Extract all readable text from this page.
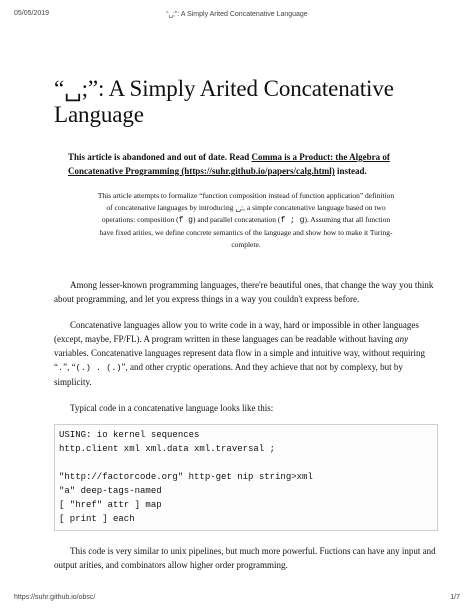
05/05/2019	“␣;”: A Simply Arited Concatenative Language
“␣;”: A Simply Arited Concatenative
Language

This article is abandoned and out of date. Read Comma is a Product: the Algebra of Concatenative Programming (https://suhr.github.io/papers/calg.html) instead.

This article attempts to formalize “function composition instead of function application” definition of concatenative languages by introducing ␣;, a simple concatenative language based on two operations: composition (f g) and parallel concatenation (f ; g). Assuming that all function have fixed arities, we define concrete semantics of the language and show how to make it Turing-complete.

Among lesser-known programming languages, there're beautiful ones, that change the way you think about programming, and let you express things in a way you couldn't express before.

Concatenative languages allow you to write code in a way, hard or impossible in other languages (except, maybe, FP/FL). A program written in these languages can be readable without having any variables. Concatenative languages represent data flow in a simple and intuitive way, without requiring “.”, “(.) . (.)”, and other cryptic operations. And they achieve that not by complexy, but by simplicity.

Typical code in a concatenative language looks like this:

USING: io kernel sequences
http.client xml xml.data xml.traversal ;
"http://factorcode.org" http-get nip string>xml
"a" deep-tags-named
[ "href" attr ] map
[ print ] each

This code is very similar to unix pipelines, but much more powerful. Fuctions can have any input and output arities, and combinators allow higher order programming.

https://suhr.github.io/obsc/	1/7
